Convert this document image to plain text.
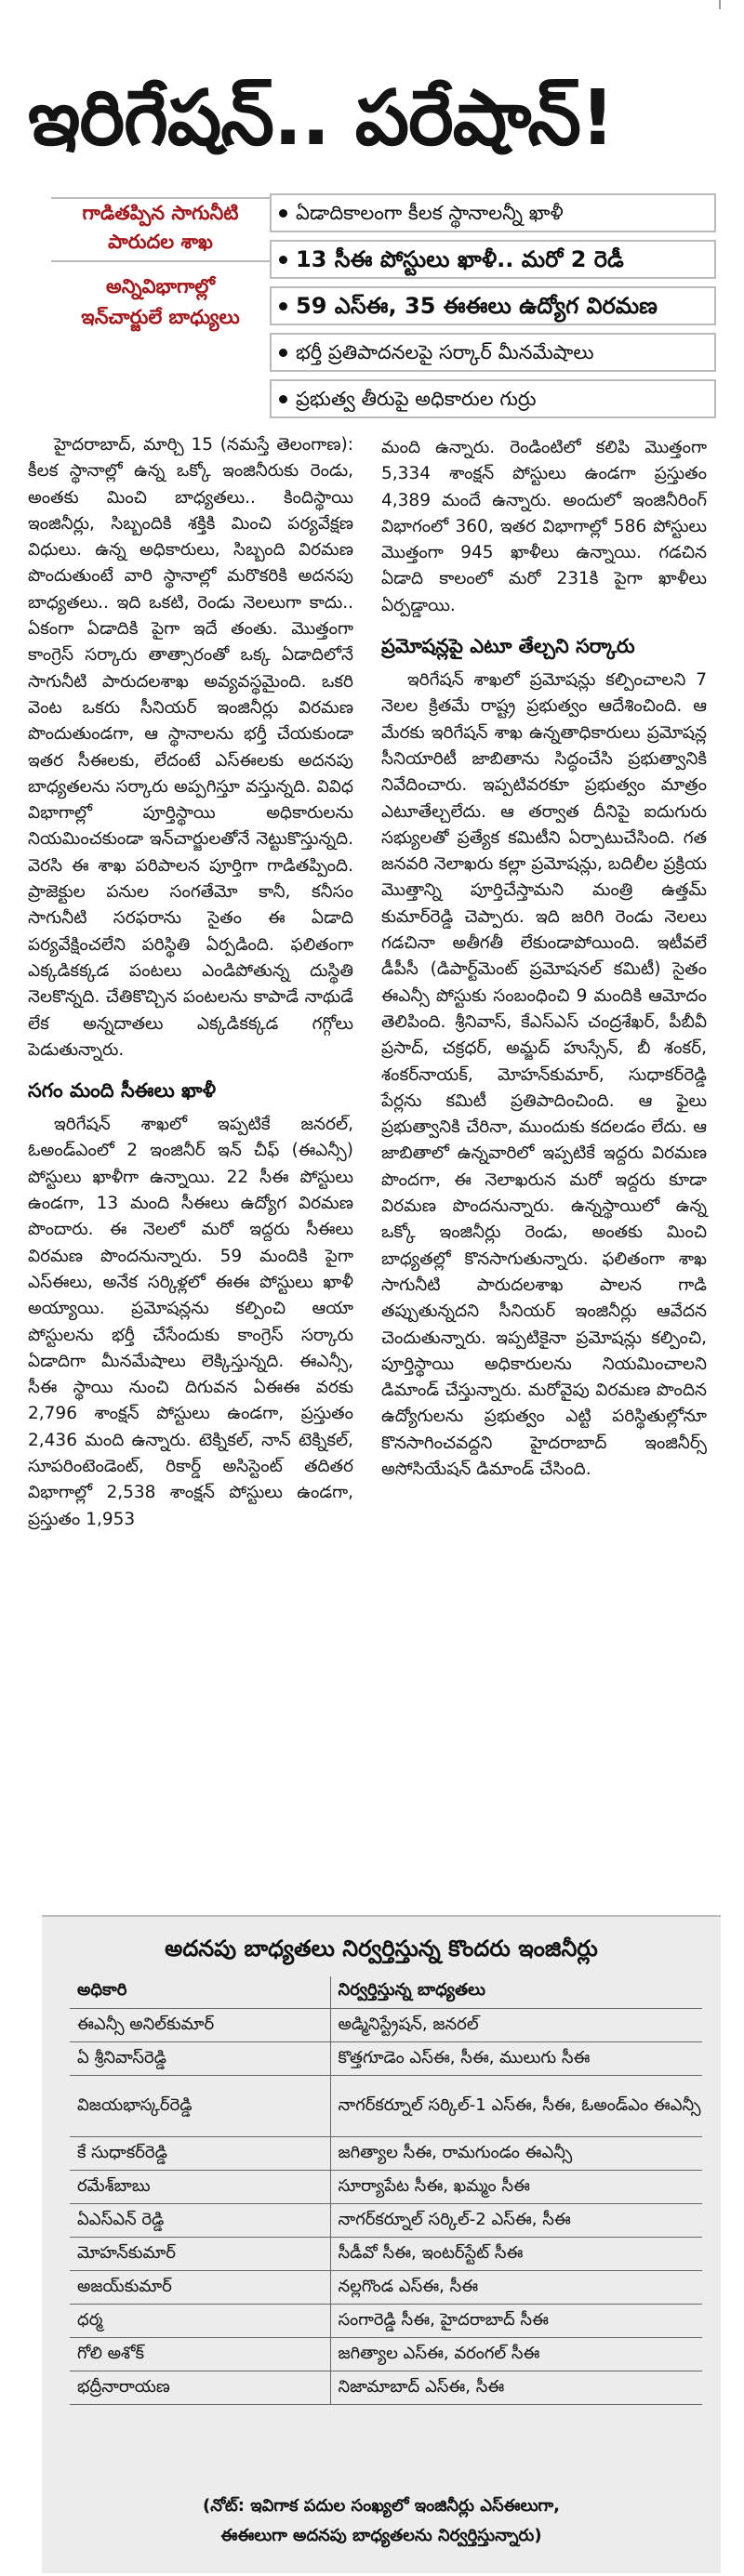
ఇరిగేషన్.. పరేషాన్!
గాడితప్పిన సాగునీటి
పారుదల శాఖ
అన్నివిభాగాల్లో
ఇన్‌చార్జులే బాధ్యులు
ఏడాదికాలంగా కీలక స్థానాలన్నీ ఖాళీ
13 సీఈ పోస్టులు ఖాళీ.. మరో 2 రెడీ
59 ఎస్ఈ, 35 ఈఈలు ఉద్యోగ విరమణ
భర్తీ ప్రతిపాదనలపై సర్కార్ మీనమేషాలు
ప్రభుత్వ తీరుపై అధికారుల గుర్రు

హైదరాబాద్, మార్చి 15 (నమస్తే తెలంగాణ): కీలక స్థానాల్లో ఉన్న ఒక్కో ఇంజినీరుకు రెండు, అంతకు మించి బాధ్యతలు.. కిందిస్థాయి ఇంజినీర్లు, సిబ్బందికి శక్తికి మించి పర్యవేక్షణ విధులు. ఉన్న అధికారులు, సిబ్బంది విరమణ పొందుతుంటే వారి స్థానాల్లో మరొకరికి అదనపు బాధ్యతలు.. ఇది ఒకటి, రెండు నెలలుగా కాదు.. ఏకంగా ఏడాదికి పైగా ఇదే తంతు. మొత్తంగా కాంగ్రెస్ సర్కారు తాత్సారంతో ఒక్క ఏడాదిలోనే సాగునీటి పారుదలశాఖ అవ్యవస్థమైంది. ఒకరి వెంట ఒకరు సీనియర్ ఇంజినీర్లు విరమణ పొందుతుండగా, ఆ స్థానాలను భర్తీ చేయకుండా ఇతర సీఈలకు, లేదంటే ఎస్ఈలకు అదనపు బాధ్యతలను సర్కారు అప్పగిస్తూ వస్తున్నది. వివిధ విభాగాల్లో పూర్తిస్థాయి అధికారులను నియమించకుండా ఇన్‌చార్జులతోనే నెట్టుకొస్తున్నది. వెరసి ఈ శాఖ పరిపాలన పూర్తిగా గాడితప్పింది. ప్రాజెక్టుల పనుల సంగతేమో కానీ, కనీసం సాగునీటి సరఫరాను సైతం ఈ ఏడాది పర్యవేక్షించలేని పరిస్థితి ఏర్పడింది. ఫలితంగా ఎక్కడికక్కడ పంటలు ఎండిపోతున్న దుస్థితి నెలకొన్నది. చేతికొచ్చిన పంటలను కాపాడే నాథుడే లేక అన్నదాతలు ఎక్కడికక్కడ గగ్గోలు పెడుతున్నారు.

సగం మంది సీఈలు ఖాళీ

ఇరిగేషన్ శాఖలో ఇప్పటికే జనరల్, ఓఅండ్ఎంలో 2 ఇంజినీర్ ఇన్ చీఫ్ (ఈఎన్సీ) పోస్టులు ఖాళీగా ఉన్నాయి. 22 సీఈ పోస్టులు ఉండగా, 13 మంది సీఈలు ఉద్యోగ విరమణ పొందారు. ఈ నెలలో మరో ఇద్దరు సీఈలు విరమణ పొందనున్నారు. 59 మందికి పైగా ఎస్ఈలు, అనేక సర్కిళ్లలో ఈఈ పోస్టులు ఖాళీ అయ్యాయి. ప్రమోషన్లను కల్పించి ఆయా పోస్టులను భర్తీ చేసేందుకు కాంగ్రెస్ సర్కారు ఏడాదిగా మీనమేషాలు లెక్కిస్తున్నది. ఈఎన్సీ, సీఈ స్థాయి నుంచి దిగువన ఏఈఈ వరకు 2,796 శాంక్షన్ పోస్టులు ఉండగా, ప్రస్తుతం 2,436 మంది ఉన్నారు. టెక్నికల్, నాన్ టెక్నికల్, సూపరింటెండెంట్, రికార్డ్ అసిస్టెంట్ తదితర విభాగాల్లో 2,538 శాంక్షన్ పోస్టులు ఉండగా, ప్రస్తుతం 1,953

మంది ఉన్నారు. రెండింటిలో కలిపి మొత్తంగా 5,334 శాంక్షన్ పోస్టులు ఉండగా ప్రస్తుతం 4,389 మందే ఉన్నారు. అందులో ఇంజినీరింగ్ విభాగంలో 360, ఇతర విభాగాల్లో 586 పోస్టులు మొత్తంగా 945 ఖాళీలు ఉన్నాయి. గడచిన ఏడాది కాలంలో మరో 231కి పైగా ఖాళీలు ఏర్పడ్డాయి.

ప్రమోషన్లపై ఎటూ తేల్చని సర్కారు

ఇరిగేషన్ శాఖలో ప్రమోషన్లు కల్పించాలని 7 నెలల క్రితమే రాష్ట్ర ప్రభుత్వం ఆదేశించింది. ఆ మేరకు ఇరిగేషన్ శాఖ ఉన్నతాధికారులు ప్రమోషన్ల సీనియారిటీ జాబితాను సిద్ధంచేసి ప్రభుత్వానికి నివేదించారు. ఇప్పటివరకూ ప్రభుత్వం మాత్రం ఎటూతేల్చలేదు. ఆ తర్వాత దీనిపై ఐదుగురు సభ్యులతో ప్రత్యేక కమిటీని ఏర్పాటుచేసింది. గత జనవరి నెలాఖరు కల్లా ప్రమోషన్లు, బదిలీల ప్రక్రియ మొత్తాన్ని పూర్తిచేస్తామని మంత్రి ఉత్తమ్ కుమార్‌రెడ్డి చెప్పారు. ఇది జరిగి రెండు నెలలు గడచినా అతీగతీ లేకుండాపోయింది. ఇటీవలే డీపీసీ (డిపార్ట్‌మెంట్ ప్రమోషనల్ కమిటీ) సైతం ఈఎన్సీ పోస్టుకు సంబంధించి 9 మందికి ఆమోదం తెలిపింది. శ్రీనివాస్, కేఎస్ఎస్ చంద్రశేఖర్, పీబీవీ ప్రసాద్, చక్రధర్, అమ్జద్ హుస్సేన్, బీ శంకర్, శంకర్‌నాయక్, మోహన్‌కుమార్, సుధాకర్‌రెడ్డి పేర్లను కమిటీ ప్రతిపాదించింది. ఆ ఫైలు ప్రభుత్వానికి చేరినా, ముందుకు కదలడం లేదు. ఆ జాబితాలో ఉన్నవారిలో ఇప్పటికే ఇద్దరు విరమణ పొందగా, ఈ నెలాఖరున మరో ఇద్దరు కూడా విరమణ పొందనున్నారు. ఉన్నస్థాయిలో ఉన్న ఒక్కో ఇంజినీర్లు రెండు, అంతకు మించి బాధ్యతల్లో కొనసాగుతున్నారు. ఫలితంగా శాఖ సాగునీటి పారుదలశాఖ పాలన గాడి తప్పుతున్నదని సీనియర్ ఇంజినీర్లు ఆవేదన చెందుతున్నారు. ఇప్పటికైనా ప్రమోషన్లు కల్పించి, పూర్తిస్థాయి అధికారులను నియమించాలని డిమాండ్ చేస్తున్నారు. మరోవైపు విరమణ పొందిన ఉద్యోగులను ప్రభుత్వం ఎట్టి పరిస్థితుల్లోనూ కొనసాగించవద్దని హైదరాబాద్ ఇంజినీర్స్ అసోసియేషన్ డిమాండ్ చేసింది.

అదనపు బాధ్యతలు నిర్వర్తిస్తున్న కొందరు ఇంజినీర్లు
అధికారి	నిర్వర్తిస్తున్న బాధ్యతలు
ఈఎన్సీ అనిల్‌కుమార్	అడ్మినిస్ట్రేషన్, జనరల్
ఏ శ్రీనివాస్‌రెడ్డి	కొత్తగూడెం ఎస్ఈ, సీఈ, ములుగు సీఈ
విజయభాస్కర్‌రెడ్డి	నాగర్‌కర్నూల్ సర్కిల్-1 ఎస్ఈ, సీఈ, ఓఅండ్ఎం ఈఎన్సీ
కే సుధాకర్‌రెడ్డి	జగిత్యాల సీఈ, రామగుండం ఈఎన్సీ
రమేశ్‌బాబు	సూర్యాపేట సీఈ, ఖమ్మం సీఈ
ఏఎస్ఎన్ రెడ్డి	నాగర్‌కర్నూల్ సర్కిల్-2 ఎస్ఈ, సీఈ
మోహన్‌కుమార్	సీడీవో సీఈ, ఇంటర్‌స్టేట్ సీఈ
అజయ్‌కుమార్	నల్లగొండ ఎస్ఈ, సీఈ
ధర్మ	సంగారెడ్డి సీఈ, హైదరాబాద్ సీఈ
గోలి అశోక్	జగిత్యాల ఎస్ఈ, వరంగల్ సీఈ
భద్రీనారాయణ	నిజామాబాద్ ఎస్ఈ, సీఈ
(నోట్: ఇవిగాక పదుల సంఖ్యలో ఇంజినీర్లు ఎస్ఈలుగా,
ఈఈలుగా అదనపు బాధ్యతలను నిర్వర్తిస్తున్నారు)
